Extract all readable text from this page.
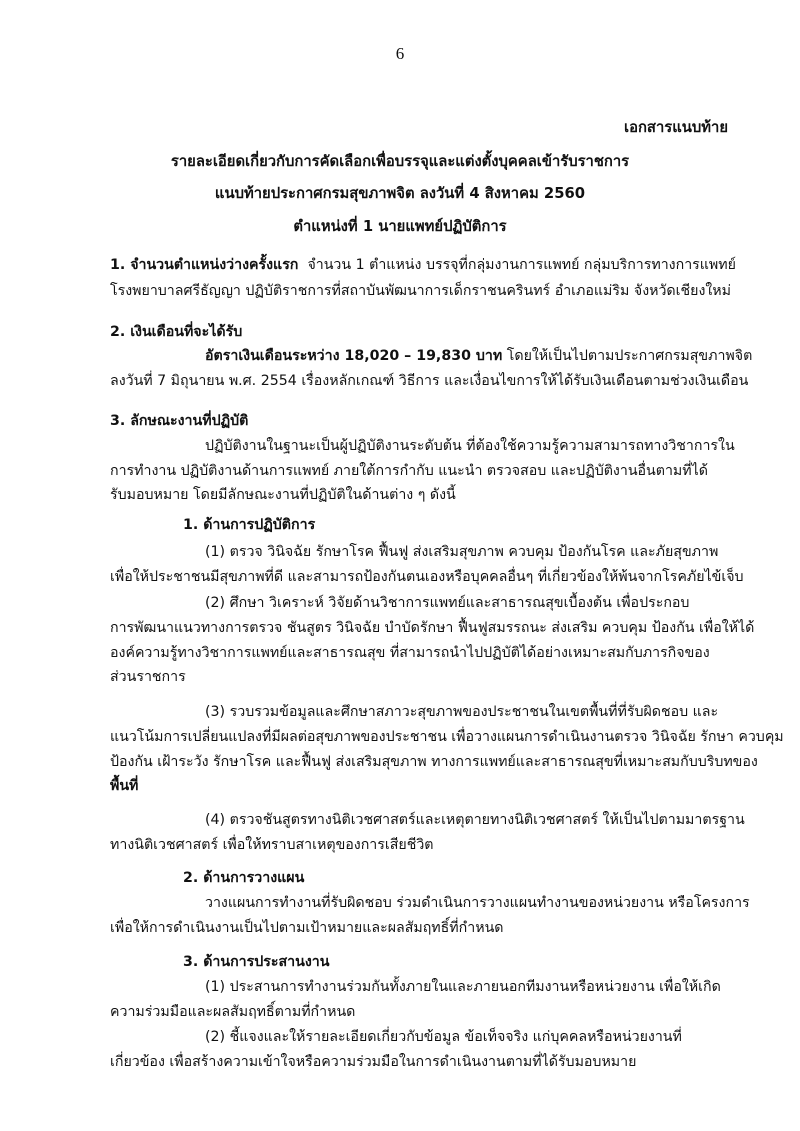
6
เอกสารแนบท้าย
รายละเอียดเกี่ยวกับการคัดเลือกเพื่อบรรจุและแต่งตั้งบุคคลเข้ารับราชการ
แนบท้ายประกาศกรมสุขภาพจิต ลงวันที่ 4 สิงหาคม 2560
ตำแหน่งที่ 1 นายแพทย์ปฏิบัติการ
1. จำนวนตำแหน่งว่างครั้งแรก จำนวน 1 ตำแหน่ง บรรจุที่กลุ่มงานการแพทย์ กลุ่มบริการทางการแพทย์
โรงพยาบาลศรีธัญญา ปฏิบัติราชการที่สถาบันพัฒนาการเด็กราชนครินทร์ อำเภอแม่ริม จังหวัดเชียงใหม่
2. เงินเดือนที่จะได้รับ
อัตราเงินเดือนระหว่าง 18,020 – 19,830 บาท โดยให้เป็นไปตามประกาศกรมสุขภาพจิต
ลงวันที่ 7 มิถุนายน พ.ศ. 2554 เรื่องหลักเกณฑ์ วิธีการ และเงื่อนไขการให้ได้รับเงินเดือนตามช่วงเงินเดือน
3. ลักษณะงานที่ปฏิบัติ
ปฏิบัติงานในฐานะเป็นผู้ปฏิบัติงานระดับต้น ที่ต้องใช้ความรู้ความสามารถทางวิชาการใน
การทำงาน ปฏิบัติงานด้านการแพทย์ ภายใต้การกำกับ แนะนำ ตรวจสอบ และปฏิบัติงานอื่นตามที่ได้
รับมอบหมาย โดยมีลักษณะงานที่ปฏิบัติในด้านต่าง ๆ ดังนี้
1. ด้านการปฏิบัติการ
(1) ตรวจ วินิจฉัย รักษาโรค ฟื้นฟู ส่งเสริมสุขภาพ ควบคุม ป้องกันโรค และภัยสุขภาพ
เพื่อให้ประชาชนมีสุขภาพที่ดี และสามารถป้องกันตนเองหรือบุคคลอื่นๆ ที่เกี่ยวข้องให้พ้นจากโรคภัยไข้เจ็บ
(2) ศึกษา วิเคราะห์ วิจัยด้านวิชาการแพทย์และสาธารณสุขเบื้องต้น เพื่อประกอบ
การพัฒนาแนวทางการตรวจ ชันสูตร วินิจฉัย บำบัดรักษา ฟื้นฟูสมรรถนะ ส่งเสริม ควบคุม ป้องกัน เพื่อให้ได้
องค์ความรู้ทางวิชาการแพทย์และสาธารณสุข ที่สามารถนำไปปฏิบัติได้อย่างเหมาะสมกับภารกิจของ
ส่วนราชการ
(3) รวบรวมข้อมูลและศึกษาสภาวะสุขภาพของประชาชนในเขตพื้นที่ที่รับผิดชอบ และ
แนวโน้มการเปลี่ยนแปลงที่มีผลต่อสุขภาพของประชาชน เพื่อวางแผนการดำเนินงานตรวจ วินิจฉัย รักษา ควบคุม
ป้องกัน เฝ้าระวัง รักษาโรค และฟื้นฟู ส่งเสริมสุขภาพ ทางการแพทย์และสาธารณสุขที่เหมาะสมกับบริบทของ
พื้นที่
(4) ตรวจชันสูตรทางนิติเวชศาสตร์และเหตุตายทางนิติเวชศาสตร์ ให้เป็นไปตามมาตรฐาน
ทางนิติเวชศาสตร์ เพื่อให้ทราบสาเหตุของการเสียชีวิต
2. ด้านการวางแผน
วางแผนการทำงานที่รับผิดชอบ ร่วมดำเนินการวางแผนทำงานของหน่วยงาน หรือโครงการ
เพื่อให้การดำเนินงานเป็นไปตามเป้าหมายและผลสัมฤทธิ์ที่กำหนด
3. ด้านการประสานงาน
(1) ประสานการทำงานร่วมกันทั้งภายในและภายนอกทีมงานหรือหน่วยงาน เพื่อให้เกิด
ความร่วมมือและผลสัมฤทธิ์ตามที่กำหนด
(2) ชี้แจงและให้รายละเอียดเกี่ยวกับข้อมูล ข้อเท็จจริง แก่บุคคลหรือหน่วยงานที่
เกี่ยวข้อง เพื่อสร้างความเข้าใจหรือความร่วมมือในการดำเนินงานตามที่ได้รับมอบหมาย
